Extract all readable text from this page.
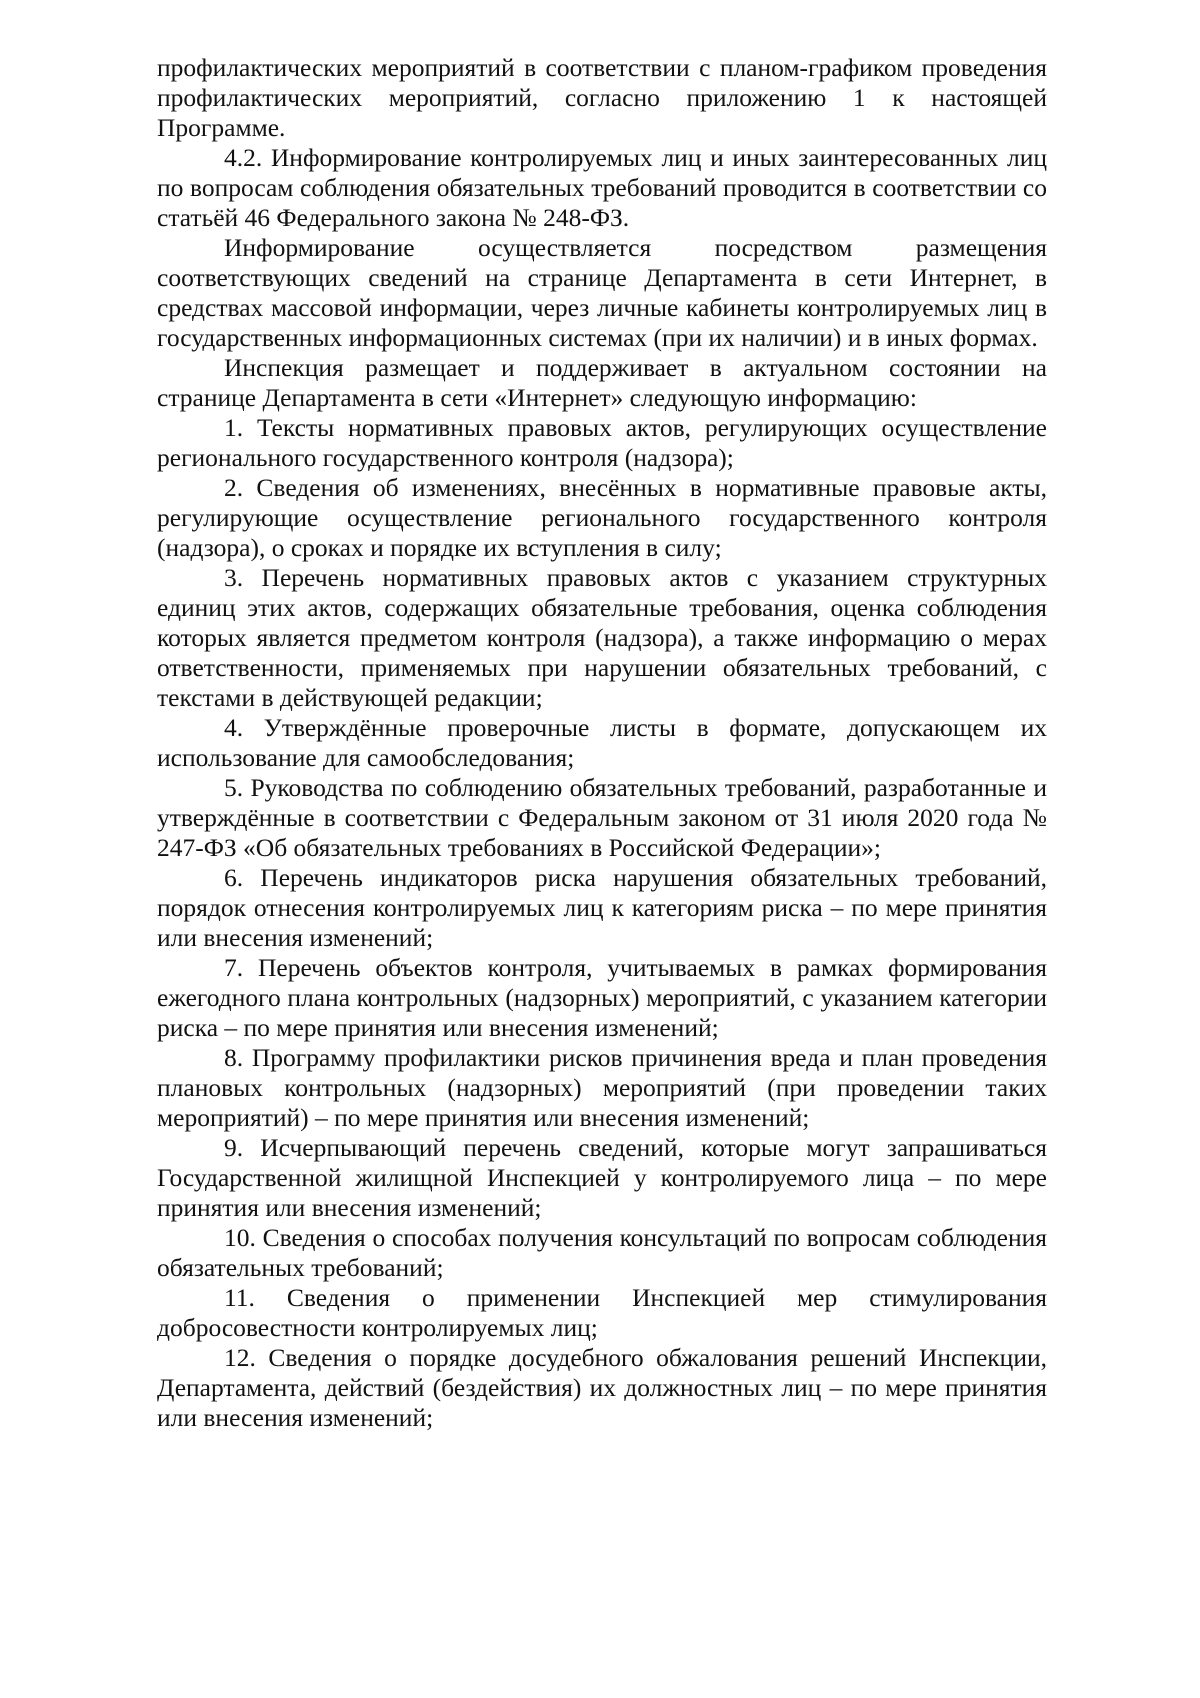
профилактических мероприятий в соответствии с планом-графиком проведения профилактических мероприятий, согласно приложению 1 к настоящей Программе.

4.2. Информирование контролируемых лиц и иных заинтересованных лиц по вопросам соблюдения обязательных требований проводится в соответствии со статьёй 46 Федерального закона № 248-ФЗ.

Информирование осуществляется посредством размещения соответствующих сведений на странице Департамента в сети Интернет, в средствах массовой информации, через личные кабинеты контролируемых лиц в государственных информационных системах (при их наличии) и в иных формах.

Инспекция размещает и поддерживает в актуальном состоянии на странице Департамента в сети «Интернет» следующую информацию:

1. Тексты нормативных правовых актов, регулирующих осуществление регионального государственного контроля (надзора);

2. Сведения об изменениях, внесённых в нормативные правовые акты, регулирующие осуществление регионального государственного контроля (надзора), о сроках и порядке их вступления в силу;

3. Перечень нормативных правовых актов с указанием структурных единиц этих актов, содержащих обязательные требования, оценка соблюдения которых является предметом контроля (надзора), а также информацию о мерах ответственности, применяемых при нарушении обязательных требований, с текстами в действующей редакции;

4. Утверждённые проверочные листы в формате, допускающем их использование для самообследования;

5. Руководства по соблюдению обязательных требований, разработанные и утверждённые в соответствии с Федеральным законом от 31 июля 2020 года № 247-ФЗ «Об обязательных требованиях в Российской Федерации»;

6. Перечень индикаторов риска нарушения обязательных требований, порядок отнесения контролируемых лиц к категориям риска – по мере принятия или внесения изменений;

7. Перечень объектов контроля, учитываемых в рамках формирования ежегодного плана контрольных (надзорных) мероприятий, с указанием категории риска – по мере принятия или внесения изменений;

8. Программу профилактики рисков причинения вреда и план проведения плановых контрольных (надзорных) мероприятий (при проведении таких мероприятий) – по мере принятия или внесения изменений;

9. Исчерпывающий перечень сведений, которые могут запрашиваться Государственной жилищной Инспекцией у контролируемого лица – по мере принятия или внесения изменений;

10. Сведения о способах получения консультаций по вопросам соблюдения обязательных требований;

11. Сведения о применении Инспекцией мер стимулирования добросовестности контролируемых лиц;

12. Сведения о порядке досудебного обжалования решений Инспекции, Департамента, действий (бездействия) их должностных лиц – по мере принятия или внесения изменений;
